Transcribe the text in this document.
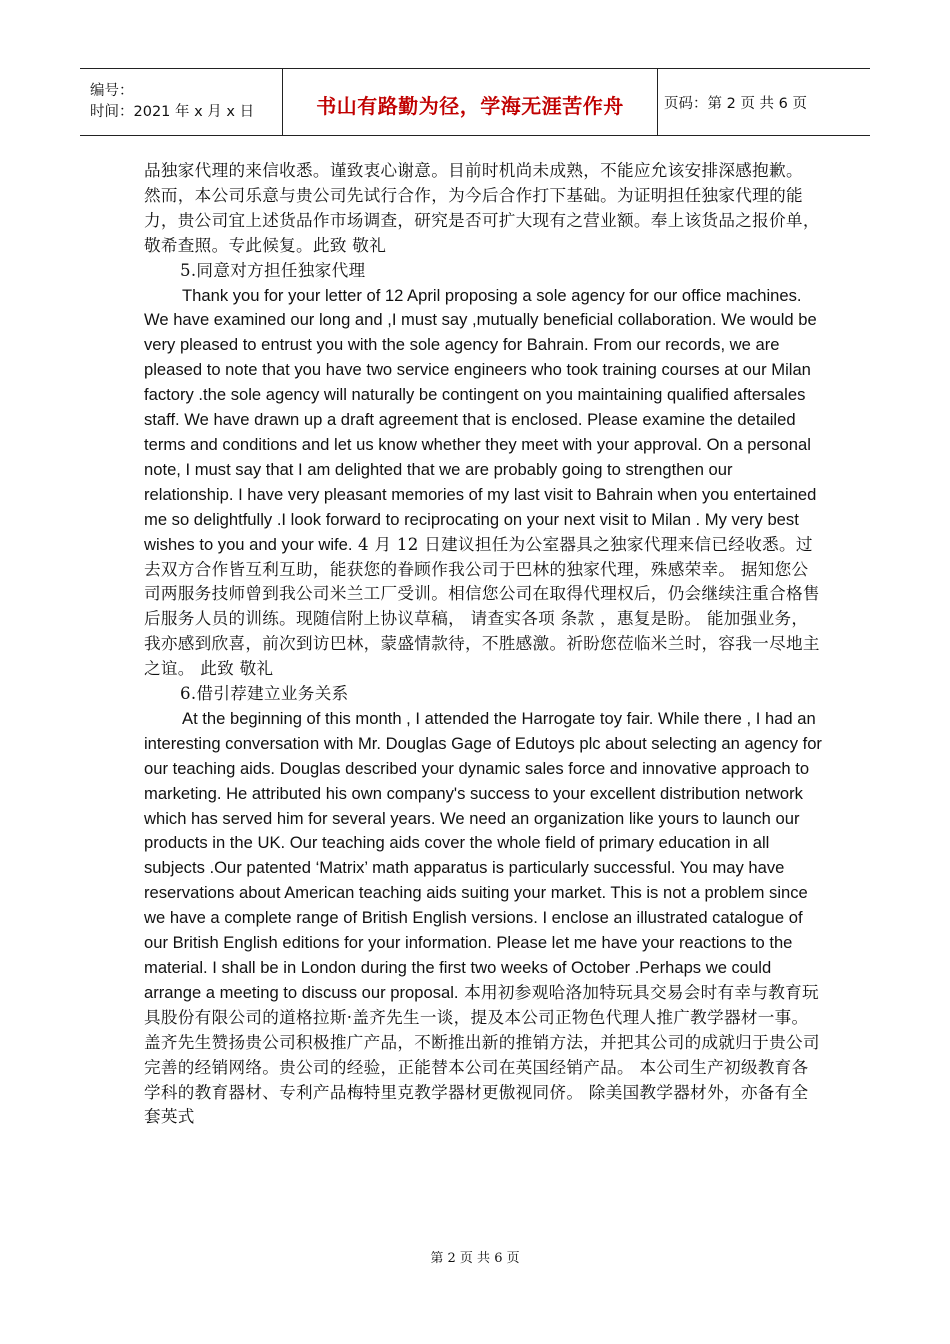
编号：
时间：2021 年 x 月 x 日	书山有路勤为径，学海无涯苦作舟	页码：第 2 页 共 6 页

品独家代理的来信收悉。谨致衷心谢意。目前时机尚未成熟，不能应允该安排深感抱歉。 然而，本公司乐意与贵公司先试行合作，为今后合作打下基础。为证明担任独家代理的能力，贵公司宜上述货品作市场调查，研究是否可扩大现有之营业额。奉上该货品之报价单，敬希查照。专此候复。此致 敬礼

5.同意对方担任独家代理

Thank you for your letter of 12 April proposing a sole agency for our office machines. We have examined our long and ,I must say ,mutually beneficial collaboration. We would be very pleased to entrust you with the sole agency for Bahrain. From our records, we are pleased to note that you have two service engineers who took training courses at our Milan factory .the sole agency will naturally be contingent on you maintaining qualified aftersales staff. We have drawn up a draft agreement that is enclosed. Please examine the detailed terms and conditions and let us know whether they meet with your approval. On a personal note, I must say that I am delighted that we are probably going to strengthen our relationship. I have very pleasant memories of my last visit to Bahrain when you entertained me so delightfully .I look forward to reciprocating on your next visit to Milan . My very best wishes to you and your wife. 4 月 12 日建议担任为公室器具之独家代理来信已经收悉。过去双方合作皆互利互助，能获您的眷顾作我公司于巴林的独家代理，殊感荣幸。 据知您公司两服务技师曾到我公司米兰工厂受训。相信您公司在取得代理权后，仍会继续注重合格售后服务人员的训练。现随信附上协议草稿， 请查实各项 条款 ，惠复是盼。 能加强业务，我亦感到欣喜，前次到访巴林，蒙盛情款待，不胜感激。祈盼您莅临米兰时，容我一尽地主之谊。 此致 敬礼

6.借引荐建立业务关系

At the beginning of this month , I attended the Harrogate toy fair. While there , I had an interesting conversation with Mr. Douglas Gage of Edutoys plc about selecting an agency for our teaching aids. Douglas described your dynamic sales force and innovative approach to marketing. He attributed his own company's success to your excellent distribution network which has served him for several years. We need an organization like yours to launch our products in the UK. Our teaching aids cover the whole field of primary education in all subjects .Our patented ‘Matrix’ math apparatus is particularly successful. You may have reservations about American teaching aids suiting your market. This is not a problem since we have a complete range of British English versions. I enclose an illustrated catalogue of our British English editions for your information. Please let me have your reactions to the material. I shall be in London during the first two weeks of October .Perhaps we could arrange a meeting to discuss our proposal. 本用初参观哈洛加特玩具交易会时有幸与教育玩具股份有限公司的道格拉斯·盖齐先生一谈，提及本公司正物色代理人推广教学器材一事。 盖齐先生赞扬贵公司积极推广产品，不断推出新的推销方法，并把其公司的成就归于贵公司完善的经销网络。贵公司的经验，正能替本公司在英国经销产品。 本公司生产初级教育各学科的教育器材、专利产品梅特里克教学器材更傲视同侪。 除美国教学器材外，亦备有全套英式

第 2 页 共 6 页
